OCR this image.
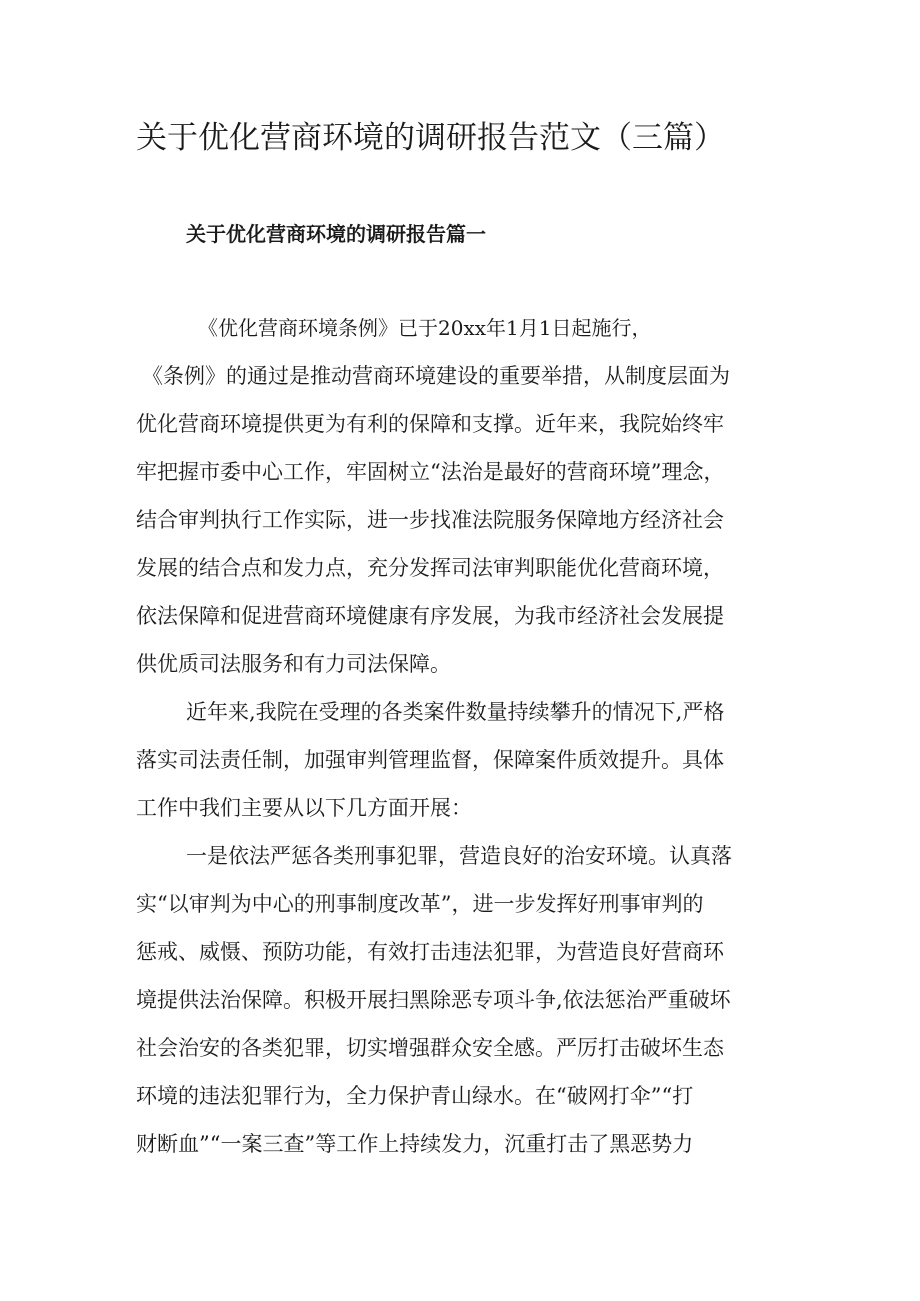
关于优化营商环境的调研报告范文（三篇）
关于优化营商环境的调研报告篇一

《优化营商环境条例》已于20xx年1月1日起施行，

《条例》的通过是推动营商环境建设的重要举措，从制度层面为

优化营商环境提供更为有利的保障和支撑。近年来，我院始终牢

牢把握市委中心工作，牢固树立“法治是最好的营商环境”理念，

结合审判执行工作实际，进一步找准法院服务保障地方经济社会

发展的结合点和发力点，充分发挥司法审判职能优化营商环境，

依法保障和促进营商环境健康有序发展，为我市经济社会发展提

供优质司法服务和有力司法保障。

近年来,我院在受理的各类案件数量持续攀升的情况下,严格

落实司法责任制，加强审判管理监督，保障案件质效提升。具体

工作中我们主要从以下几方面开展：

一是依法严惩各类刑事犯罪，营造良好的治安环境。认真落

实“以审判为中心的刑事制度改革”，进一步发挥好刑事审判的

惩戒、威慑、预防功能，有效打击违法犯罪，为营造良好营商环

境提供法治保障。积极开展扫黑除恶专项斗争,依法惩治严重破坏

社会治安的各类犯罪，切实增强群众安全感。严厉打击破坏生态

环境的违法犯罪行为，全力保护青山绿水。在“破网打伞”“打

财断血”“一案三查”等工作上持续发力，沉重打击了黑恶势力
